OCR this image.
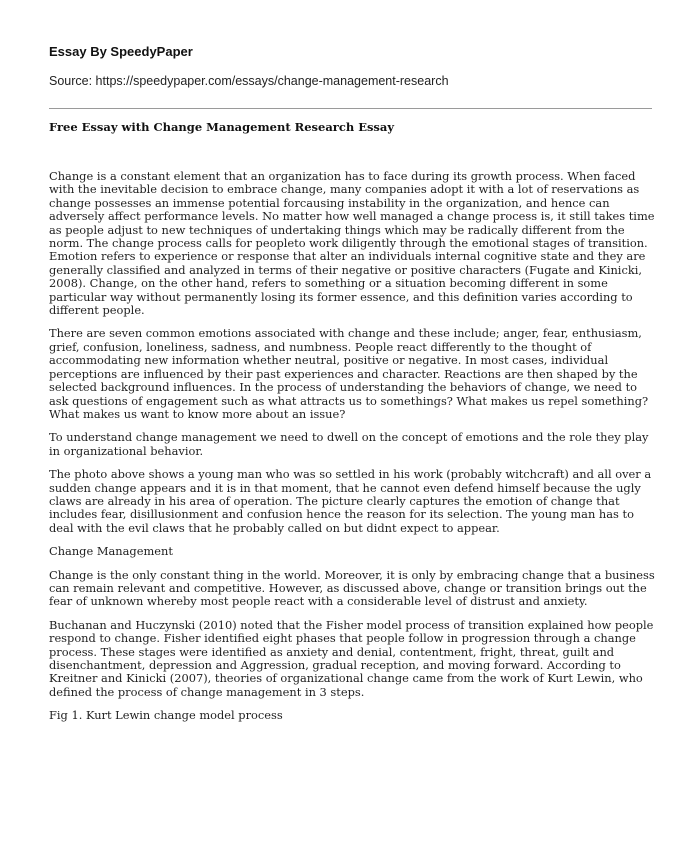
Essay By SpeedyPaper
Source: https://speedypaper.com/essays/change-management-research
Free Essay with Change Management Research Essay

Change is a constant element that an organization has to face during its growth process. When faced with the inevitable decision to embrace change, many companies adopt it with a lot of reservations as change possesses an immense potential forcausing instability in the organization, and hence can adversely affect performance levels. No matter how well managed a change process is, it still takes time as people adjust to new techniques of undertaking things which may be radically different from the norm. The change process calls for peopleto work diligently through the emotional stages of transition. Emotion refers to experience or response that alter an individuals internal cognitive state and they are generally classified and analyzed in terms of their negative or positive characters (Fugate and Kinicki, 2008). Change, on the other hand, refers to something or a situation becoming different in some particular way without permanently losing its former essence, and this definition varies according to different people.

There are seven common emotions associated with change and these include; anger, fear, enthusiasm, grief, confusion, loneliness, sadness, and numbness. People react differently to the thought of accommodating new information whether neutral, positive or negative. In most cases, individual perceptions are influenced by their past experiences and character. Reactions are then shaped by the selected background influences. In the process of understanding the behaviors of change, we need to ask questions of engagement such as what attracts us to somethings? What makes us repel something? What makes us want to know more about an issue?

To understand change management we need to dwell on the concept of emotions and the role they play in organizational behavior.

The photo above shows a young man who was so settled in his work (probably witchcraft) and all over a sudden change appears and it is in that moment, that he cannot even defend himself because the ugly claws are already in his area of operation. The picture clearly captures the emotion of change that includes fear, disillusionment and confusion hence the reason for its selection. The young man has to deal with the evil claws that he probably called on but didnt expect to appear.

Change Management

Change is the only constant thing in the world. Moreover, it is only by embracing change that a business can remain relevant and competitive. However, as discussed above, change or transition brings out the fear of unknown whereby most people react with a considerable level of distrust and anxiety.

Buchanan and Huczynski (2010) noted that the Fisher model process of transition explained how people respond to change. Fisher identified eight phases that people follow in progression through a change process. These stages were identified as anxiety and denial, contentment, fright, threat, guilt and disenchantment, depression and Aggression, gradual reception, and moving forward. According to Kreitner and Kinicki (2007), theories of organizational change came from the work of Kurt Lewin, who defined the process of change management in 3 steps.

Fig 1. Kurt Lewin change model process
